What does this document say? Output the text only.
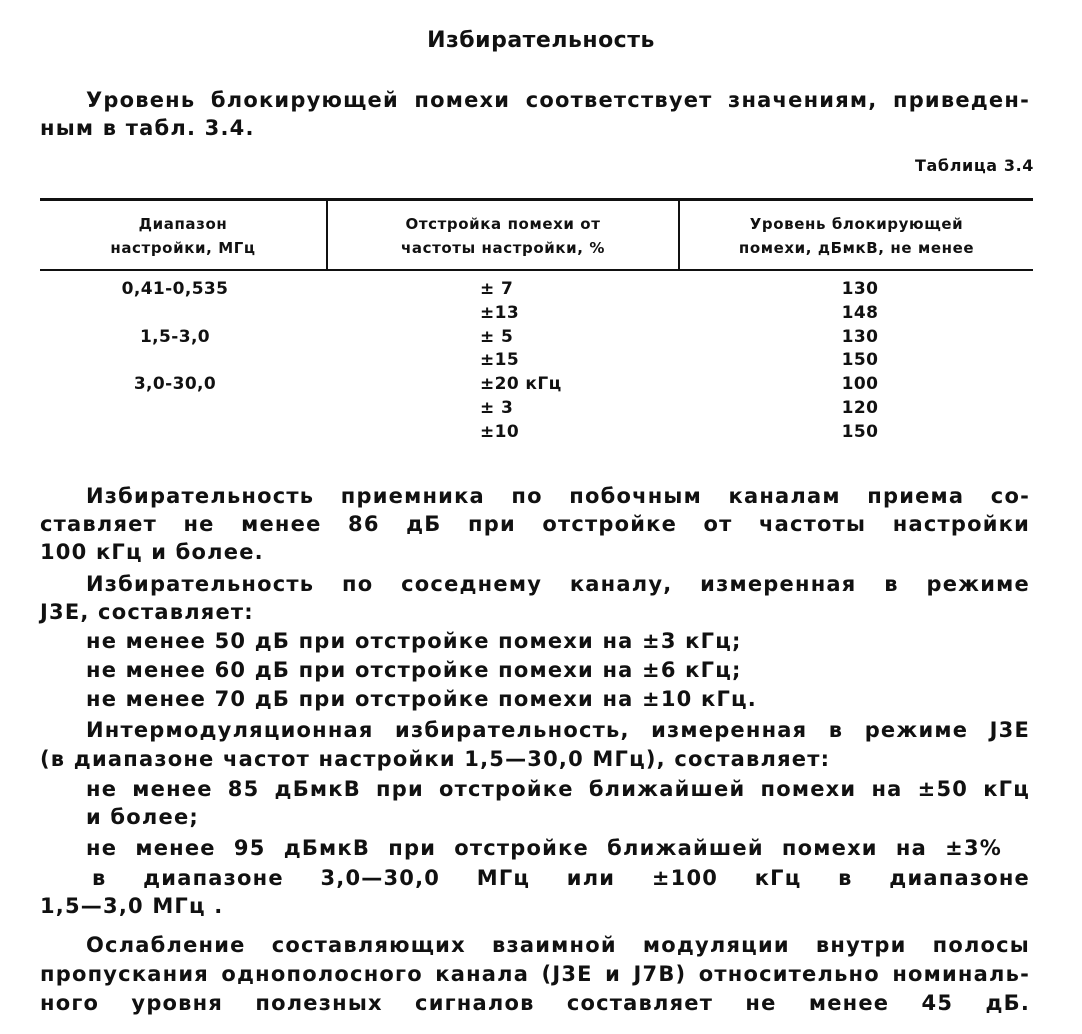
Избирательность

Уровень блокирующей помехи соответствует значениям, приведен-

ным в табл. 3.4.

Таблица 3.4
Диапазон
настройки, МГц
Отстройка помехи от
частоты настройки, %
Уровень блокирующей
помехи, дБмкВ, не менее
0,41-0,535
1,5-3,0
3,0-30,0
± 7
±13
± 5
±15
±20 кГц
± 3
±10
130
148
130
150
100
120
150

Избирательность приемника по побочным каналам приема со-

ставляет не менее 86 дБ при отстройке от частоты настройки

100 кГц и более.

Избирательность по соседнему каналу, измеренная в режиме

J3E, составляет:

не менее 50 дБ при отстройке помехи на ±3 кГц;
не менее 60 дБ при отстройке помехи на ±6 кГц;
не менее 70 дБ при отстройке помехи на ±10 кГц.

Интермодуляционная избирательность, измеренная в режиме J3E

(в диапазоне частот настройки 1,5—30,0 МГц), составляет:

не менее 85 дБмкВ при отстройке ближайшей помехи на ±50 кГц
и более;
не менее 95 дБмкВ при отстройке ближайшей помехи на ±3%
в диапазоне 3,0—30,0 МГц или ±100 кГц в диапазоне

1,5—3,0 МГц .

Ослабление составляющих взаимной модуляции внутри полосы

пропускания однополосного канала (J3E и J7B) относительно номиналь-

ного уровня полезных сигналов составляет не менее 45 дБ.
